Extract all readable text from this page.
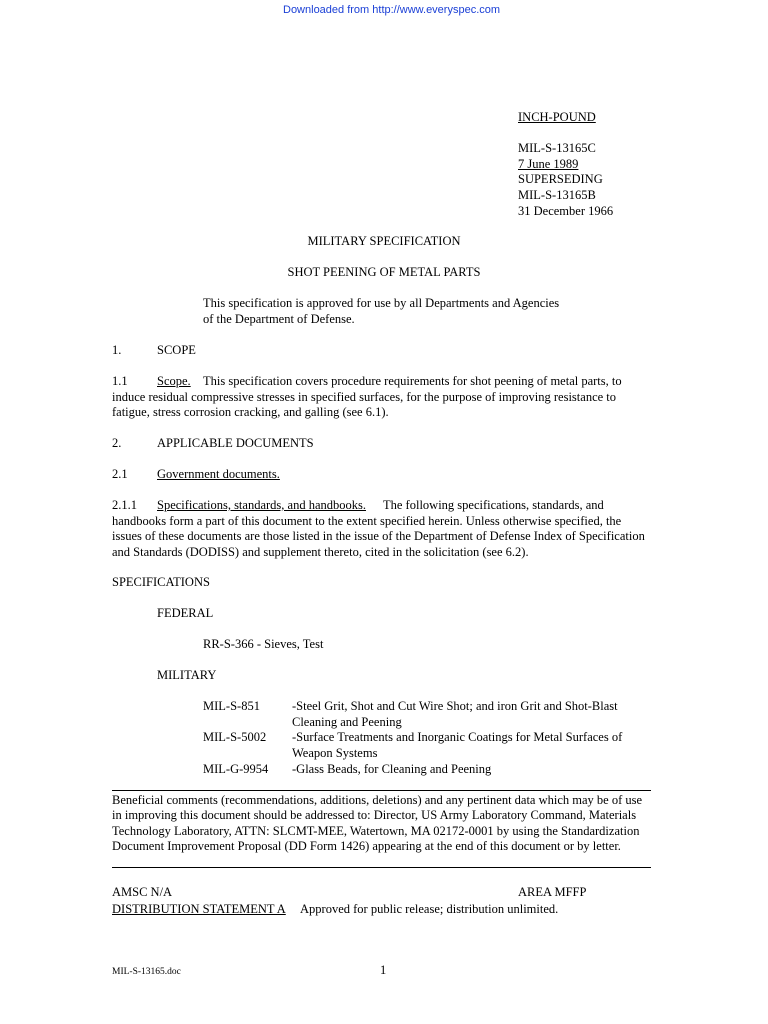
Downloaded from http://www.everyspec.com
INCH-POUND
MIL-S-13165C
7 June 1989
SUPERSEDING
MIL-S-13165B
31 December 1966
MILITARY SPECIFICATION
SHOT PEENING OF METAL PARTS
This specification is approved for use by all Departments and Agencies
of the Department of Defense.
1.	SCOPE
1.1 Scope. This specification covers procedure requirements for shot peening of metal parts, to
induce residual compressive stresses in specified surfaces, for the purpose of improving resistance to
fatigue, stress corrosion cracking, and galling (see 6.1).
2.	APPLICABLE DOCUMENTS
2.1 Government documents.
2.1.1 Specifications, standards, and handbooks. The following specifications, standards, and
handbooks form a part of this document to the extent specified herein. Unless otherwise specified, the
issues of these documents are those listed in the issue of the Department of Defense Index of Specification
and Standards (DODISS) and supplement thereto, cited in the solicitation (see 6.2).
SPECIFICATIONS
FEDERAL
RR-S-366 - Sieves, Test
MILITARY
MIL-S-851	-Steel Grit, Shot and Cut Wire Shot; and iron Grit and Shot-Blast
Cleaning and Peening
MIL-S-5002 -Surface Treatments and Inorganic Coatings for Metal Surfaces of
Weapon Systems
MIL-G-9954 -Glass Beads, for Cleaning and Peening
Beneficial comments (recommendations, additions, deletions) and any pertinent data which may be of use
in improving this document should be addressed to: Director, US Army Laboratory Command, Materials
Technology Laboratory, ATTN: SLCMT-MEE, Watertown, MA 02172-0001 by using the Standardization
Document Improvement Proposal (DD Form 1426) appearing at the end of this document or by letter.
AMSC N/A	AREA MFFP
DISTRIBUTION STATEMENT A Approved for public release; distribution unlimited.
MIL-S-13165.doc	1
